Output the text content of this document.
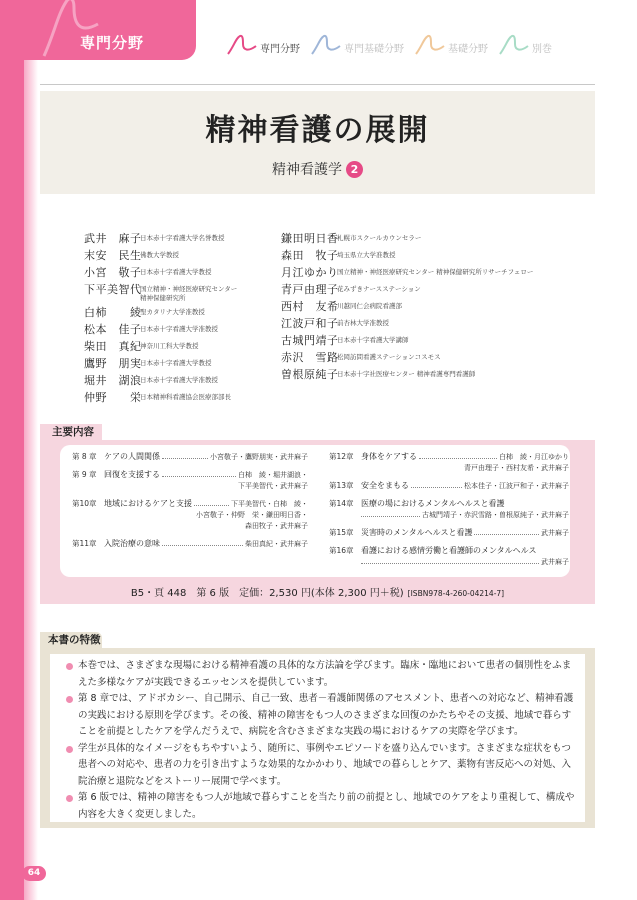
専門分野	専門分野	専門基礎分野	基礎分野	別巻
精神看護の展開
精神看護学 2
武井　麻子
日本赤十字看護大学名誉教授
末安　民生
佛教大学教授
小宮　敬子
日本赤十字看護大学教授
下平美智代
国立精神・神経医療研究センター
精神保健研究所
白柿　　綾
聖カタリナ大学准教授
松本　佳子
日本赤十字看護大学准教授
柴田　真紀
神奈川工科大学教授
鷹野　朋実
日本赤十字看護大学教授
堀井　湖浪
日本赤十字看護大学准教授
仲野　　栄
日本精神科看護協会医療部部長
鎌田明日香
札幌市スクールカウンセラー
森田　牧子
埼玉県立大学准教授
月江ゆかり
国立精神・神経医療研究センター 精神保健研究所リサーチフェロー
青戸由理子
花みずきナースステーション
西村　友希
川越同仁会病院看護部
江波戸和子
前杏林大学准教授
古城門靖子
日本赤十字看護大学講師
赤沢　雪路
松岡訪問看護ステーションコスモス
曽根原純子
日本赤十字社医療センター 精神看護専門看護師
主要内容
第 8 章 ケアの人間関係	小宮敬子・鷹野朋実・武井麻子
第 9 章 回復を支援する	白柿　綾・堀井湖浪・
下平美智代・武井麻子
第10章 地域におけるケアと支援	下平美智代・白柿　綾・
小宮敬子・仲野　栄・鎌田明日香・
森田牧子・武井麻子
第11章 入院治療の意味	柴田真紀・武井麻子
第12章 身体をケアする	白柿　綾・月江ゆかり
青戸由理子・西村友希・武井麻子
第13章 安全をまもる	松本佳子・江波戸和子・武井麻子
第14章 医療の場におけるメンタルヘルスと看護
古城門靖子・赤沢雪路・曽根原純子・武井麻子
第15章 災害時のメンタルヘルスと看護	武井麻子
第16章 看護における感情労働と看護師のメンタルヘルス
武井麻子
B5・頁 448　第 6 版　定価：2,530 円(本体 2,300 円＋税) [ISBN978-4-260-04214-7]
本書の特徴
本巻では、さまざまな現場における精神看護の具体的な方法論を学びます。臨床・臨地において患者の個別性をふまえた多様なケアが実践できるエッセンスを提供しています。
第 8 章では、アドボカシー、自己開示、自己一致、患者－看護師関係のアセスメント、患者への対応など、精神看護の実践における原則を学びます。その後、精神の障害をもつ人のさまざまな回復のかたちやその支援、地域で暮らすことを前提としたケアを学んだうえで、病院を含むさまざまな実践の場におけるケアの実際を学びます。
学生が具体的なイメージをもちやすいよう、随所に、事例やエピソードを盛り込んでいます。さまざまな症状をもつ患者への対応や、患者の力を引き出すような効果的なかかわり、地域での暮らしとケア、薬物有害反応への対処、入院治療と退院などをストーリー展開で学べます。
第 6 版では、精神の障害をもつ人が地域で暮らすことを当たり前の前提とし、地域でのケアをより重視して、構成や内容を大きく変更しました。
64
